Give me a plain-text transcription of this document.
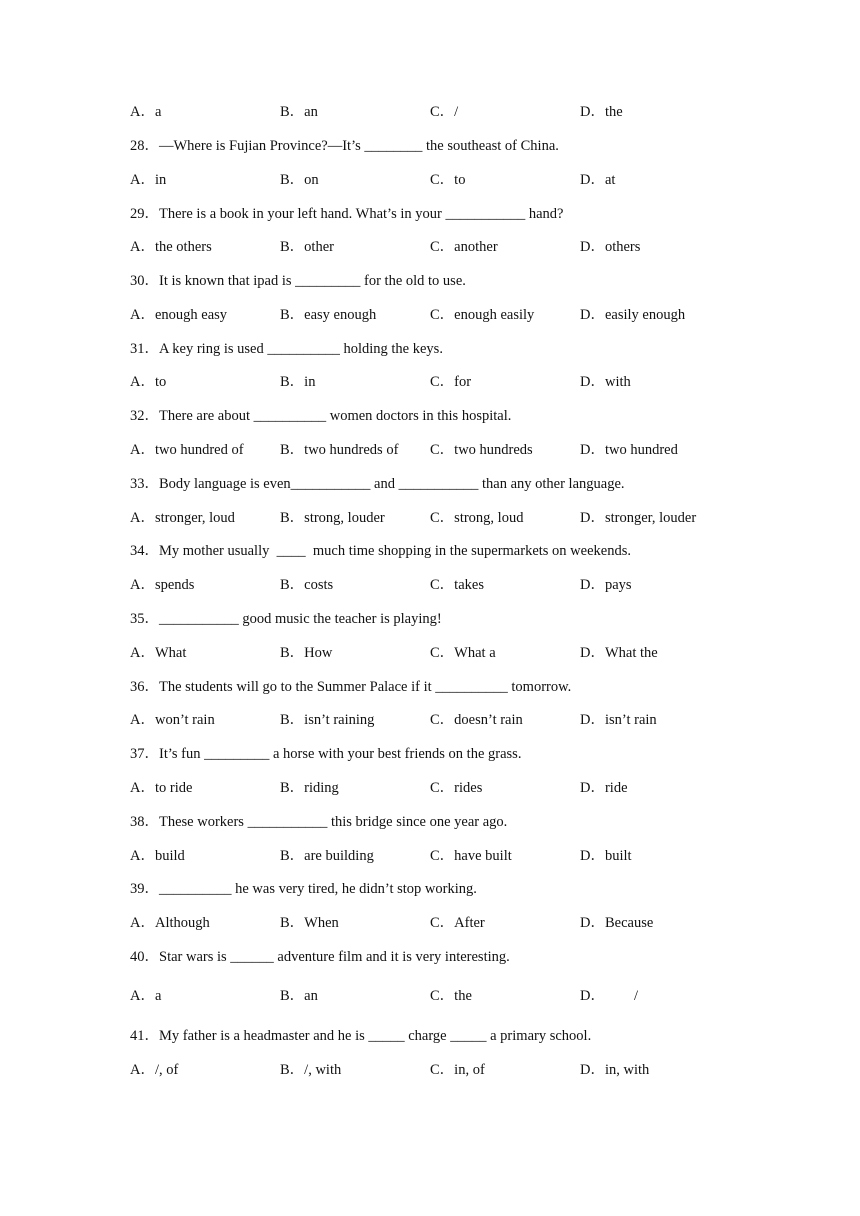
A．a	B．an	C．/	D．the
28．—Where is Fujian Province?—It’s ________ the southeast of China.
A．in	B．on	C．to	D．at
29．There is a book in your left hand. What’s in your ___________ hand?
A．the others	B．other	C．another	D．others
30．It is known that ipad is _________ for the old to use.
A．enough easy	B．easy enough	C．enough easily	D．easily enough
31．A key ring is used __________ holding the keys.
A．to	B．in	C．for	D．with
32．There are about __________ women doctors in this hospital.
A．two hundred of	B．two hundreds of C．two hundreds	D．two hundred
33．Body language is even___________ and ___________ than any other language.
A．stronger, loud	B．strong, louder	C．strong, loud	D．stronger, louder
34．My mother usually  ____  much time shopping in the supermarkets on weekends.
A．spends	B．costs	C．takes	D．pays
35．___________ good music the teacher is playing!
A．What	B．How	C．What a	D．What the
36．The students will go to the Summer Palace if it __________ tomorrow.
A．won’t rain	B．isn’t raining	C．doesn’t rain	D．isn’t rain
37．It’s fun _________ a horse with your best friends on the grass.
A．to ride	B．riding	C．rides	D．ride
38．These workers ___________ this bridge since one year ago.
A．build	B．are building	C．have built	D．built
39．__________ he was very tired, he didn’t stop working.
A．Although	B．When	C．After	D．Because
40．Star wars is ______ adventure film and it is very interesting.
A．a	B．an	C．the	D．        /
41．My father is a headmaster and he is _____ charge _____ a primary school.
A．/, of	B．/, with	C．in, of	D．in, with
